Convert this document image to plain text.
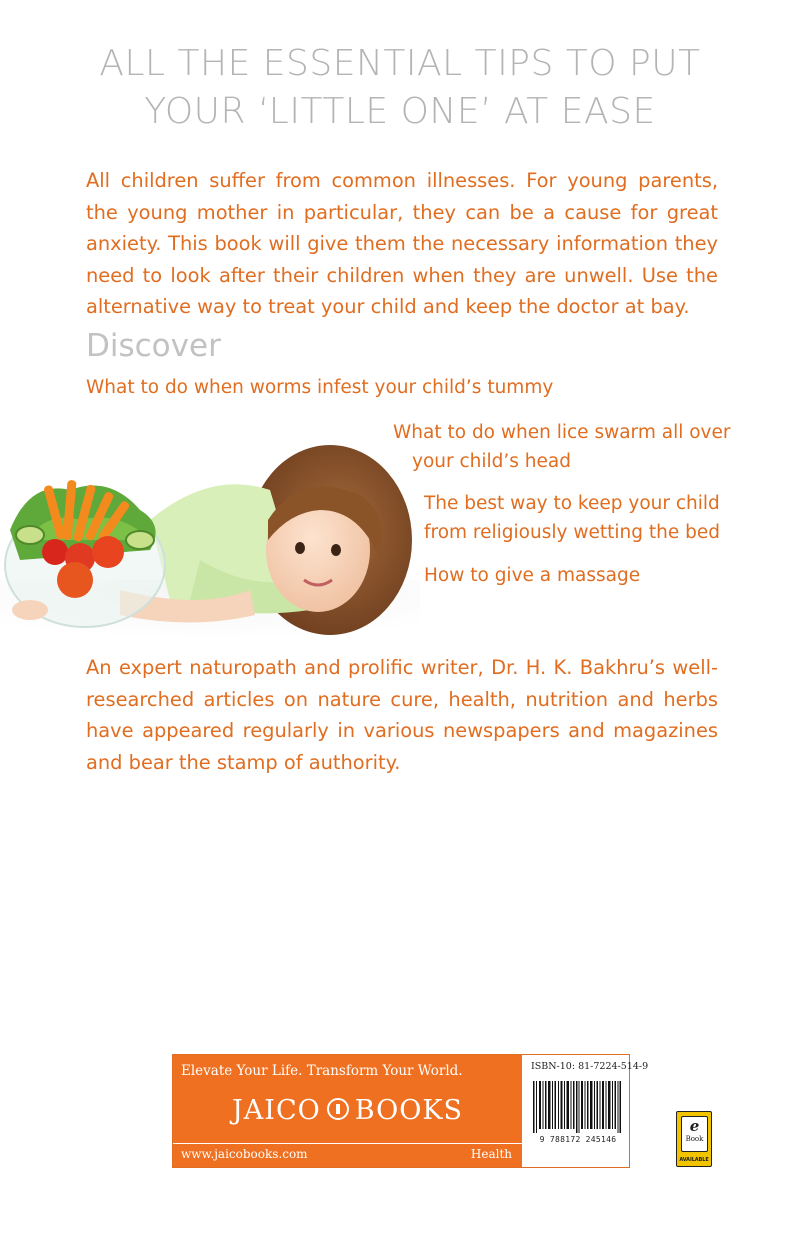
ALL THE ESSENTIAL TIPS TO PUT
YOUR ‘LITTLE ONE’ AT EASE
All children suffer from common illnesses. For young parents, the young mother in particular, they can be a cause for great anxiety. This book will give them the necessary information they need to look after their children when they are unwell. Use the alternative way to treat your child and keep the doctor at bay.
Discover
What to do when worms infest your child’s tummy
What to do when lice swarm all over
your child’s head
The best way to keep your child
from religiously wetting the bed
How to give a massage
An expert naturopath and prolific writer, Dr. H. K. Bakhru’s well-researched articles on nature cure, health, nutrition and herbs have appeared regularly in various newspapers and magazines and bear the stamp of authority.
Elevate Your Life. Transform Your World.
JAICO BOOKS
www.jaicobooks.com	Health
ISBN-10: 81-7224-514-9
9 788172 245146
e
Book
AVAILABLE
